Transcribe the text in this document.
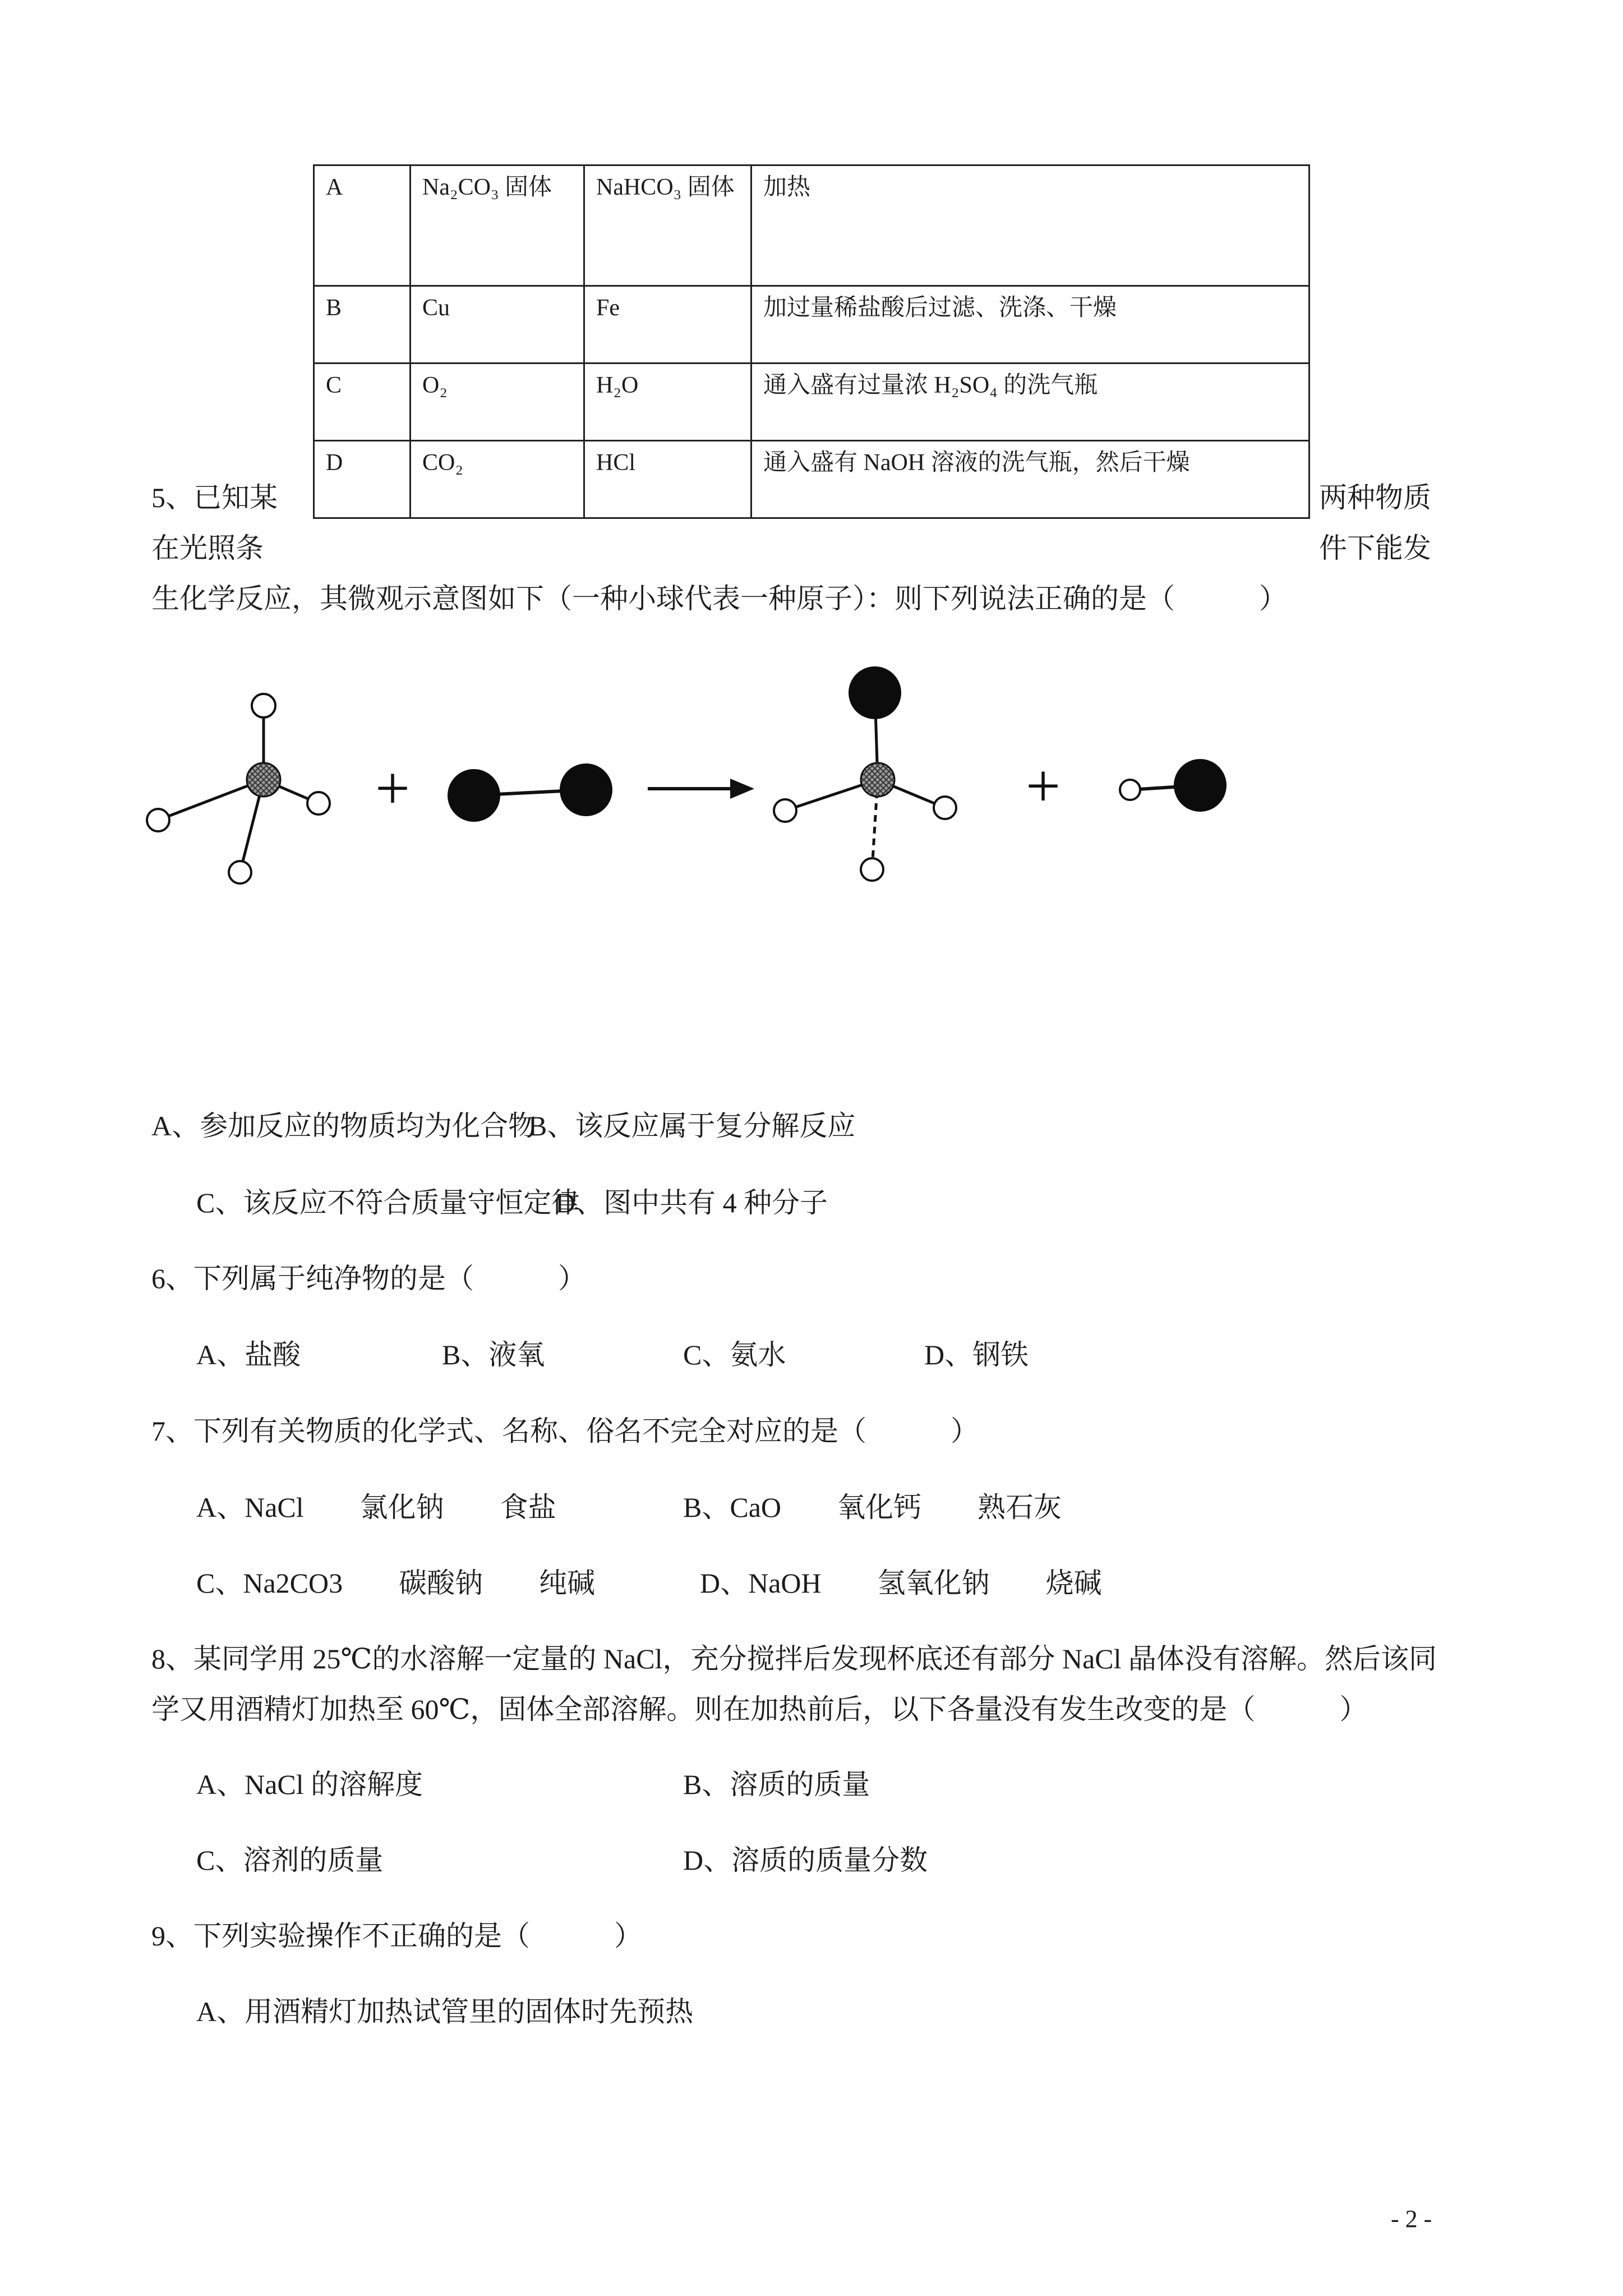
A	Na₂CO₃ 固体	NaHCO₃ 固体	加热
B	Cu	Fe	加过量稀盐酸后过滤、洗涤、干燥
C	O₂	H₂O	通入盛有过量浓 H₂SO₄ 的洗气瓶
D	CO₂	HCl	通入盛有 NaOH 溶液的洗气瓶，然后干燥
5、已知某	两种物质
在光照条	件下能发
生化学反应，其微观示意图如下（一种小球代表一种原子）：则下列说法正确的是（　　　）
+	+
A、参加反应的物质均为化合物
B、该反应属于复分解反应
C、该反应不符合质量守恒定律
D、图中共有 4 种分子
6、下列属于纯净物的是（　　　）
A、盐酸	B、液氧	C、氨水	D、钢铁
7、下列有关物质的化学式、名称、俗名不完全对应的是（　　　）
A、NaCl　　氯化钠　　食盐	B、CaO　　氧化钙　　熟石灰
C、Na2CO3　　碳酸钠　　纯碱	D、NaOH　　氢氧化钠　　烧碱
8、某同学用 25℃的水溶解一定量的 NaCl，充分搅拌后发现杯底还有部分 NaCl 晶体没有溶解。然后该同
学又用酒精灯加热至 60℃，固体全部溶解。则在加热前后，以下各量没有发生改变的是（　　　）
A、NaCl 的溶解度	B、溶质的质量
C、溶剂的质量	D、溶质的质量分数
9、下列实验操作不正确的是（　　　）
A、用酒精灯加热试管里的固体时先预热
- 2 -
